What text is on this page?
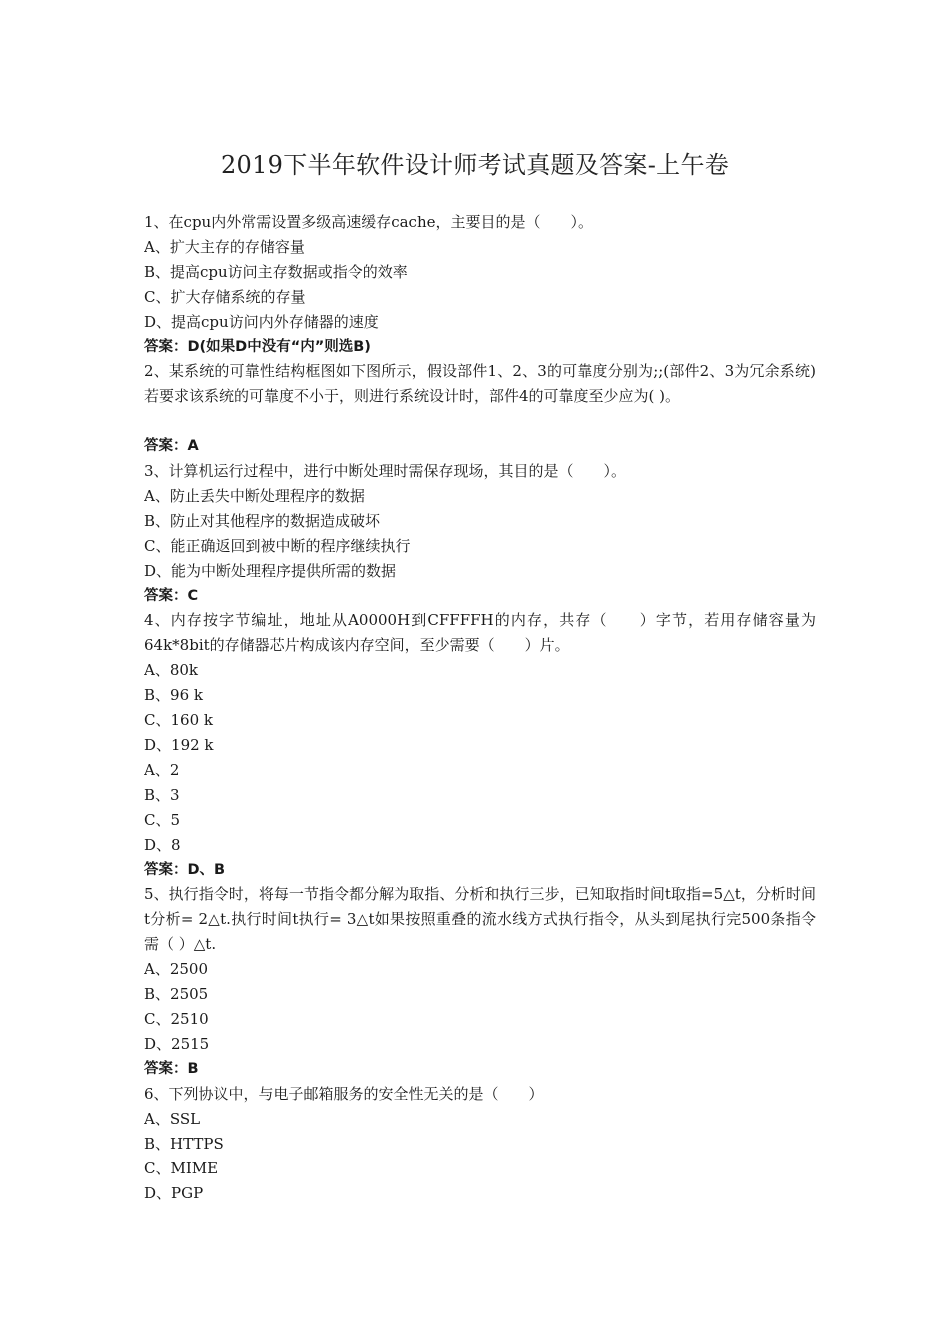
2019下半年软件设计师考试真题及答案-上午卷
1、在cpu内外常需设置多级高速缓存cache，主要目的是（　　）。
A、扩大主存的存储容量
B、提高cpu访问主存数据或指令的效率
C、扩大存储系统的存量
D、提高cpu访问内外存储器的速度
答案：D(如果D中没有“内”则选B)
2、某系统的可靠性结构框图如下图所示，假设部件1、2、3的可靠度分别为;;(部件2、3为冗余系统)若要求该系统的可靠度不小于，则进行系统设计时，部件4的可靠度至少应为( )。
答案：A
3、计算机运行过程中，进行中断处理时需保存现场，其目的是（　　）。
A、防止丢失中断处理程序的数据
B、防止对其他程序的数据造成破坏
C、能正确返回到被中断的程序继续执行
D、能为中断处理程序提供所需的数据
答案：C
4、内存按字节编址，地址从A0000H到CFFFFH的内存，共存（　　）字节，若用存储容量为64k*8bit的存储器芯片构成该内存空间，至少需要（　　）片。
A、80k
B、96 k
C、160 k
D、192 k
A、2
B、3
C、5
D、8
答案：D、B
5、执行指令时，将每一节指令都分解为取指、分析和执行三步，已知取指时间t取指=5△t，分析时间t分析= 2△t.执行时间t执行= 3△t如果按照重叠的流水线方式执行指令，从头到尾执行完500条指令需（ ）△t.
A、2500
B、2505
C、2510
D、2515
答案：B
6、下列协议中，与电子邮箱服务的安全性无关的是（　　）
A、SSL
B、HTTPS
C、MIME
D、PGP
